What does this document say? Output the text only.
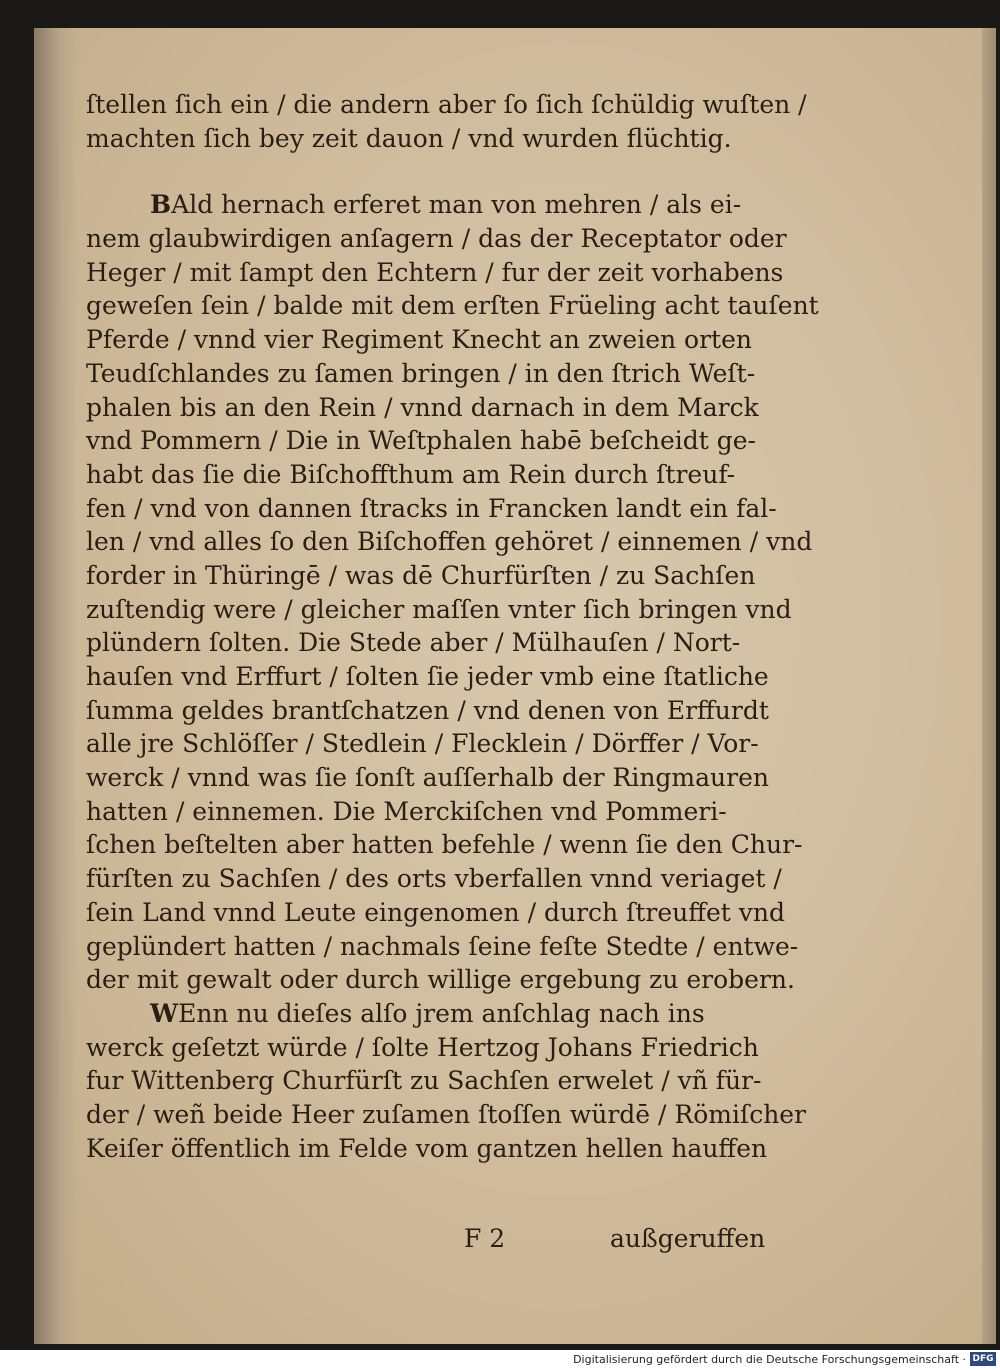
ſtellen ſich ein / die andern aber ſo ſich ſchüldig wuſten /
machten ſich bey zeit dauon / vnd wurden flüchtig.
BAld hernach erferet man von mehren / als ei-
nem glaubwirdigen anſagern / das der Receptator oder
Heger / mit ſampt den Echtern / fur der zeit vorhabens
geweſen ſein / balde mit dem erſten Früeling acht tauſent
Pferde / vnnd vier Regiment Knecht an zweien orten
Teudſchlandes zu ſamen bringen / in den ſtrich Weſt-
phalen bis an den Rein / vnnd darnach in dem Marck
vnd Pommern / Die in Weſtphalen habē beſcheidt ge-
habt das ſie die Biſchoffthum am Rein durch ſtreuf-
fen / vnd von dannen ſtracks in Francken landt ein fal-
len / vnd alles ſo den Biſchoffen gehöret / einnemen / vnd
forder in Thüringē / was dē Churfürſten / zu Sachſen
zuſtendig were / gleicher maſſen vnter ſich bringen vnd
plündern ſolten. Die Stede aber / Mülhauſen / Nort-
hauſen vnd Erffurt / ſolten ſie jeder vmb eine ſtatliche
ſumma geldes brantſchatzen / vnd denen von Erffurdt
alle jre Schlöſſer / Stedlein / Flecklein / Dörffer / Vor-
werck / vnnd was ſie ſonſt auſſerhalb der Ringmauren
hatten / einnemen. Die Merckiſchen vnd Pommeri-
ſchen beſtelten aber hatten befehle / wenn ſie den Chur-
fürſten zu Sachſen / des orts vberfallen vnnd veriaget /
ſein Land vnnd Leute eingenomen / durch ſtreuffet vnd
geplündert hatten / nachmals ſeine feſte Stedte / entwe-
der mit gewalt oder durch willige ergebung zu erobern.
WEnn nu dieſes alſo jrem anſchlag nach ins
werck geſetzt würde / ſolte Hertzog Johans Friedrich
fur Wittenberg Churfürſt zu Sachſen erwelet / vñ für-
der / weñ beide Heer zuſamen ſtoſſen würdē / Römiſcher
Keiſer öffentlich im Felde vom gantzen hellen hauffen
F 2	außgeruffen
Digitalisierung gefördert durch die Deutsche Forschungsgemeinschaft · DFG
